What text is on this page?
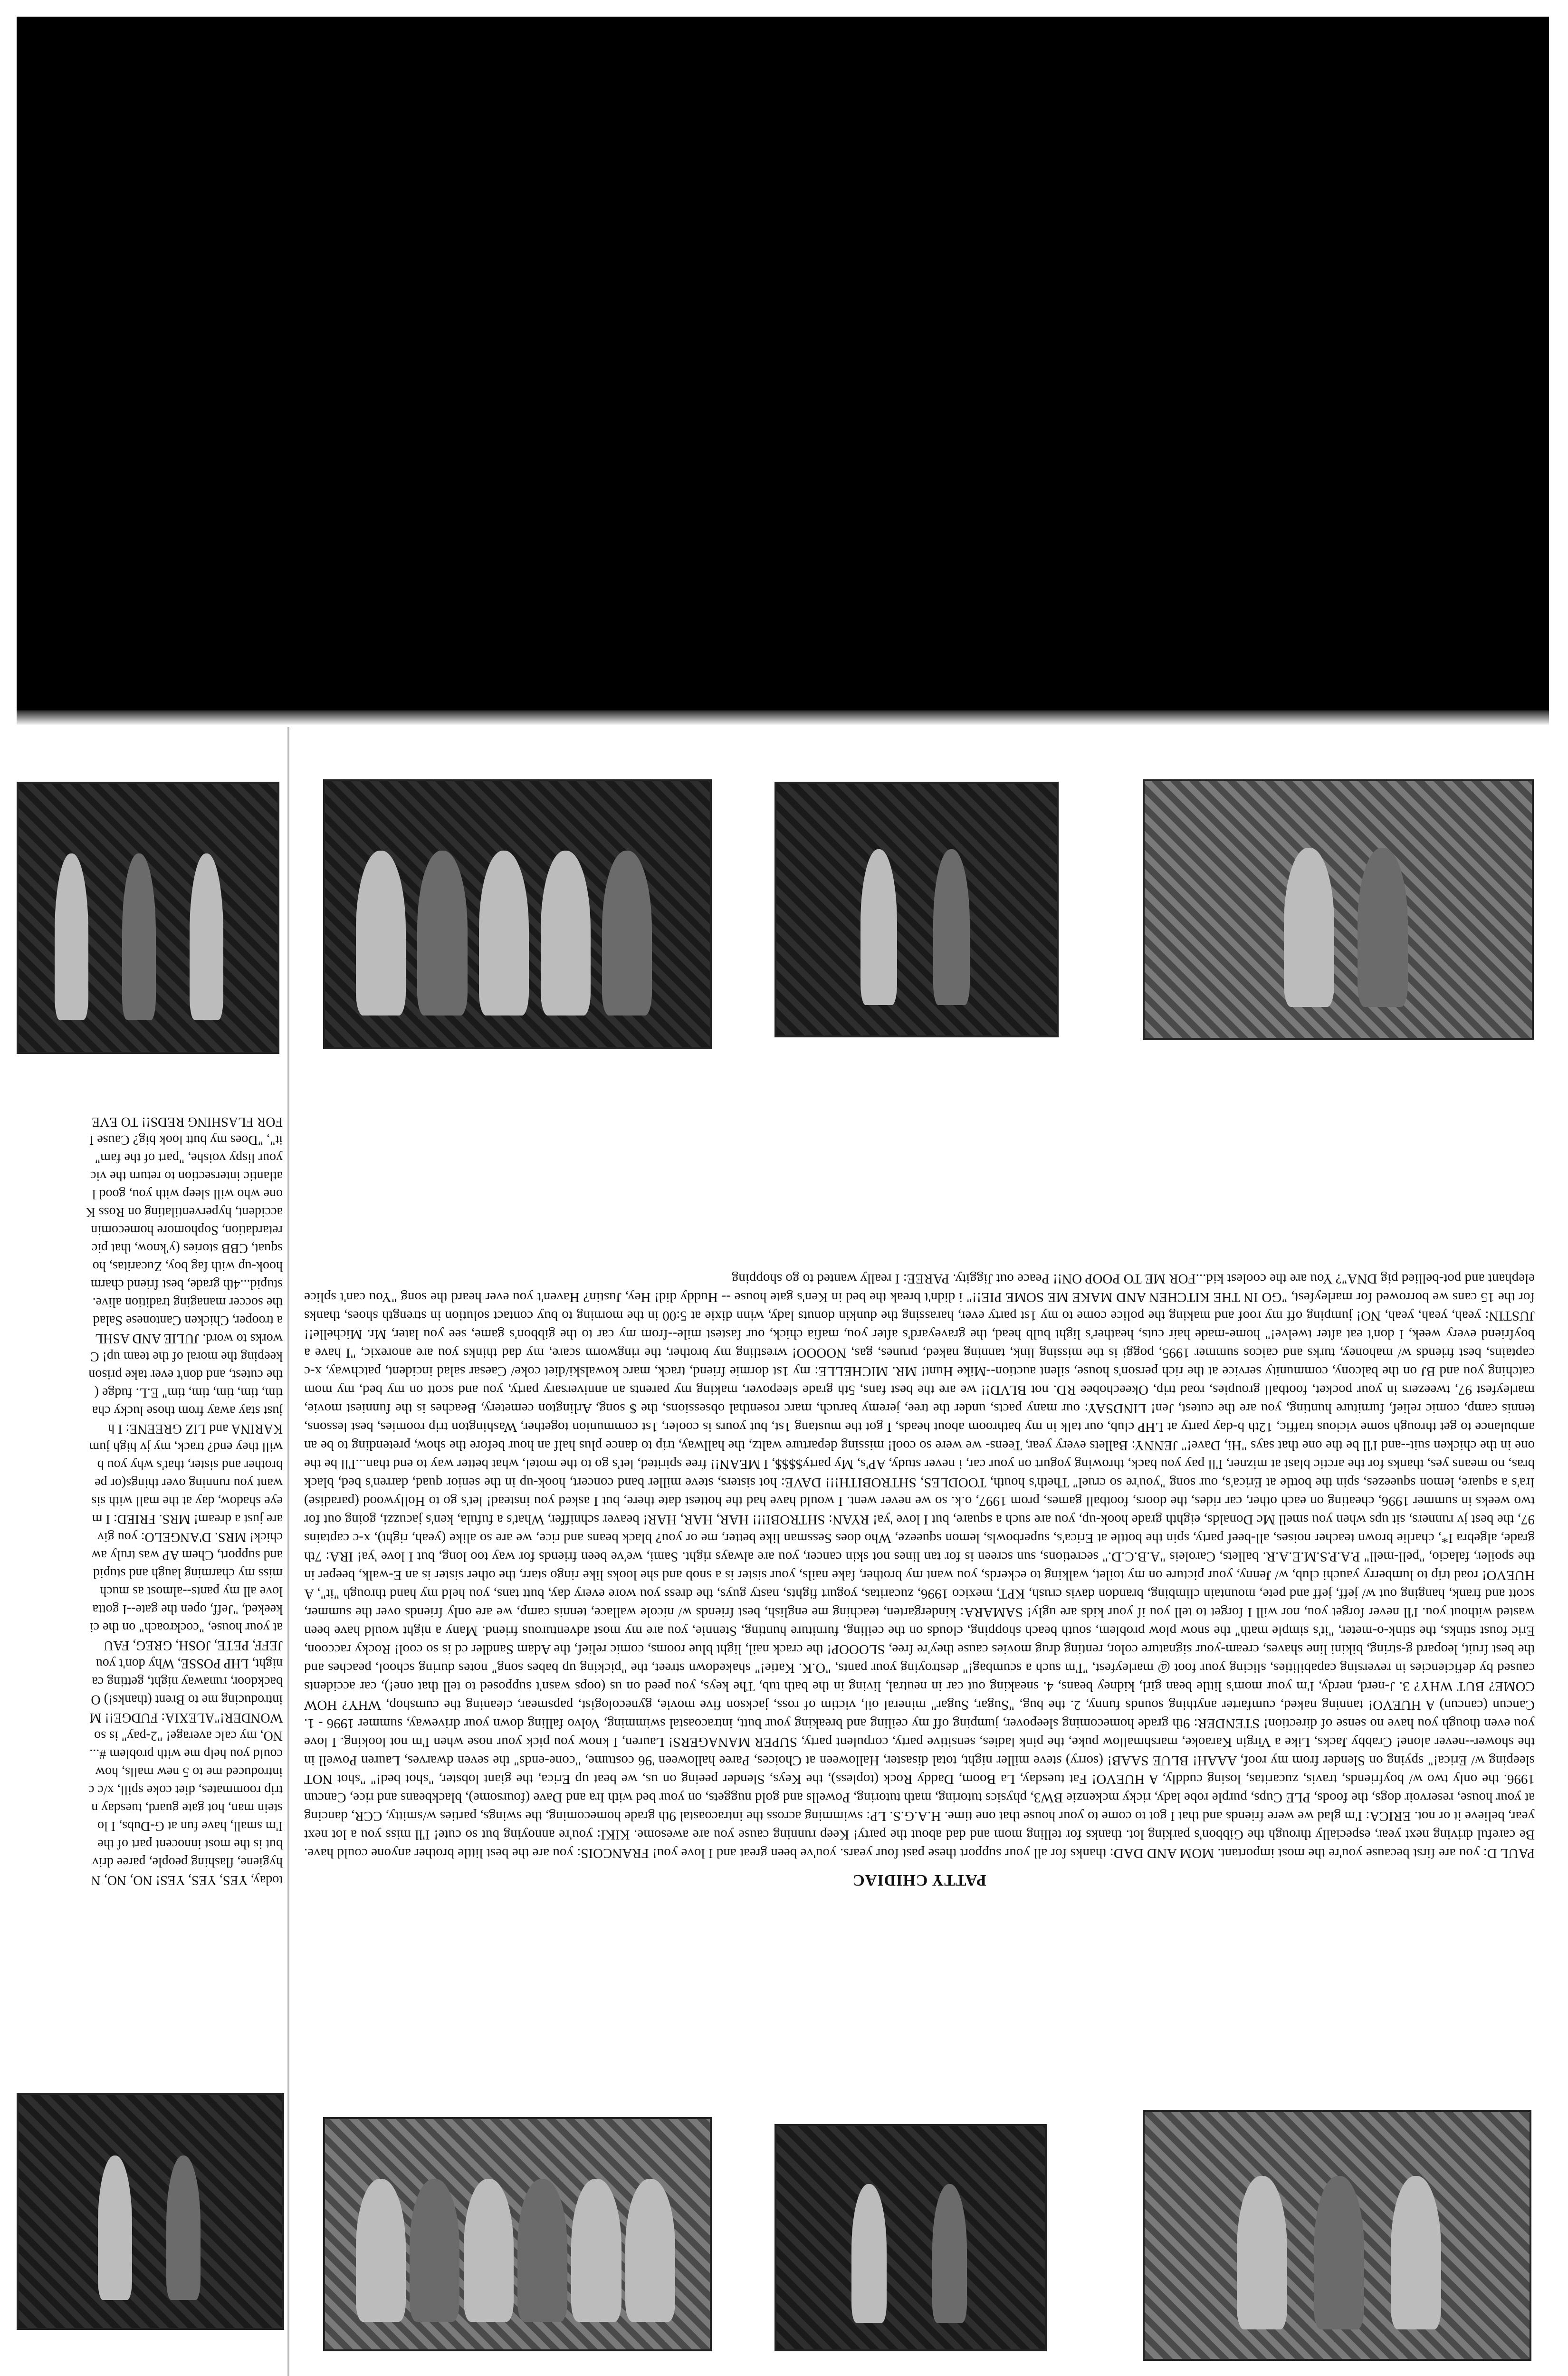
PATTY CHIDIAC
PAUL D: you are first because you're the most important. MOM AND DAD: thanks for all your support these past four years. you've been great and I love you! FRANCOIS: you are the best little brother anyone could have. Be careful driving next year, especially through the Gibbon's parking lot. thanks for telling mom and dad about the party! Keep running cause you are awesome. KIKI: you're annoying but so cute! I'll miss you a lot next year, believe it or not. ERICA: I'm glad we were friends and that I got to come to your house that one time. H.A.G.S. LP: swimming across the intracoastal 9th grade homecoming, the swings, parties w/smitty, CCR, dancing at your house, reservoir dogs, the foods, PLE Cups, purple robe lady, ricky mckenzie BW3, physics tutoring, math tutoring, Powells and gold nuggets, on your bed with Ira and Dave (foursome), blackbeans and rice, Cancun 1996. the only two w/ boyfriends, travis, zucaritas, losing cuddly, A HUEVO! Fat tuesday, La Boom, Daddy Rock (topless), the Keys, Slender peeing on us, we beat up Erica, the giant lobster, "shot bed!" "shot NOT sleeping w/ Erica!" spying on Slender from my roof, AAAH! BLUE SAAB! (sorry) steve miller night, total disaster, Halloween at Choices, Paree halloween '96 costume, "cone-ends" the seven dwarves, Lauren Powell in the shower--never alone! Crabby Jacks, Like a Virgin Karaoke, marshmallow puke, the pink ladies, sensitive party, corpulent party, SUPER MANAGERS! Lauren, I know you pick your nose when I'm not looking. I love you even though you have no sense of direction! STENDER: 9th grade homecoming sleepover, jumping off my ceiling and breaking your butt, intracoastal swimming, Volvo falling down your driveway, summer 1996 - 1. Cancun (cancun) A HUEVO! tanning naked, cumfarter anything sounds funny, 2. the bug, "Sugar, Sugar" mineral oil, victim of ross, jackson five movie, gynecologist, papsmear, cleaning the cumshop, WHY? HOW COME? BUT WHY? 3. J-nerd, nerdy, I'm your mom's little bean girl, kidney beans, 4. sneaking out car in neutral, living in the bath tub, The keys, you peed on us (oops wasn't supposed to tell that one!), car accidents caused by deficiencies in reversing capabilities, slicing your foot @ marleyfest, "I'm such a scumbag!" destroying your pants, "O.K. Katie!" shakedown street, the "picking up babes song" notes during school, peaches and the best fruit, leopard g-string, bikini line shaves, cream-your signature color, renting drug movies cause they're free, SLOOOP! the crack nail, light blue rooms, comic relief, the Adam Sandler cd is so cool! Rocky raccoon, Eric foust stinks, the stink-o-meter, "it's simple math" the snow plow problem, south beach shopping, clouds on the ceiling, furniture hunting, Stennie, you are my most adventurous friend. Many a night would have been wasted without you. I'll never forget you, nor will I forget to tell you if your kids are ugly! SAMARA: kindergarten, teaching me english, best friends w/ nicole wallace, tennis camp, we are only friends over the summer, scott and frank, hanging out w/ jeff, jeff and pete, mountain climbing, brandon davis crush, KPT, mexico 1996, zucaritas, yogurt fights, nasty guys, the dress you wore every day, butt tans, you held my hand through "it", A HUEVO! road trip to lumberry yauchi club, w/ Jenny, your picture on my toilet, walking to eckerds, you want my brother, fake nails, your sister is a snob and she looks like ringo starr, the other sister is an E-walk, beeper in the spoiler, falacio, "pell-mell" P.A.P.S.M.E.A.R. ballets, Caroleis "A.B.C.D." secretions, sun screen is for tan lines not skin cancer, you are always right. Sami, we've been friends for way too long, but I love 'ya! IRA: 7th grade, algebra I*, charlie brown teacher noises, all-beef party, spin the bottle at Erica's, superbowls, lemon squeeze, Who does Sessman like better, me or you? black beans and rice, we are so alike (yeah, right), x-c captains 97, the best jv runners, sit ups when you smell Mc Donalds, eighth grade hook-up, you are such a square, but I love 'ya! RYAN: SHTROBI!!! HAR, HAR, HAR! beaver schniffer, What's a fufula, ken's jacuzzi, going out for two weeks in summer 1996, cheating on each other, car rides, the doors, football games, prom 1997, o.k. so we never went. I would have had the hottest date there, but I asked you instead! let's go to Hollywood (paradise) Ira's a square, lemon squeezes, spin the bottle at Erica's, our song "you're so cruel" Theth's houth, TOODLES, SHTROBITH!!! DAVE: hot sisters, steve miller band concert, hook-up in the senior quad, darren's bed, black bras, no means yes, thanks for the arctic blast at mizner, I'll pay you back, throwing yogurt on your car, i never study, AP's, My party$$$$, I MEAN!! free spirited, let's go to the motel, what better way to end than...I'll be the one in the chicken suit--and I'll be the one that says "Hi, Dave!" JENNY: Ballets every year, Teens- we were so cool! missing departure waltz, the hallway, trip to dance plus half an hour before the show, pretending to be an ambulance to get through some vicious traffic, 12th b-day party at LHP club, our talk in my bathroom about heads, I got the mustang 1st, but yours is cooler, 1st communion together, Washington trip roomies, best lessons, tennis camp, comic relief, furniture hunting, you are the cutest, Jen! LINDSAY: our many pacts, under the tree, jeremy baruch, marc rosenthal obsessions, the $ song, Arlington cemetery, Beaches is the funniest movie, marleyfest 97, tweezers in your pocket, football groupies, road trip, Okeechobee RD. not BLVD!! we are the best fans, 5th grade sleepover, making my parents an anniversary party, you and scott on my bed, my mom catching you and BJ on the balcony, community service at the rich person's house, silent auction--Mike Hunt! MR. MICHELLE: my 1st dormie friend, track, marc kowalski/diet coke/ Caesar salad incident, patchway, x-c captains, best friends w/ mahoney, turks and caicos summer 1995, poggi is the missing link, tanning naked, prunes, gas, NOOOO! wrestling my brother, the ringworm scare, my dad thinks you are anorexic, "I have a boyfriend every week, I don't eat after twelve!" home-made hair cuts, heather's light bulb head, the graveyard's after you, mafia chick, our fastest mile--from my car to the gibbon's game, see you later, Mr. Michelle!! JUSTIN: yeah, yeah, yeah, NO! jumping off my roof and making the police come to my 1st party ever, harassing the dunkin donuts lady, winn dixie at 5:00 in the morning to buy contact solution in strength shoes, thanks for the 15 cans we borrowed for marleyfest, "GO IN THE KITCHEN AND MAKE ME SOME PIE!!" i didn't break the bed in Ken's gate house -- Huddy did! Hey, Justin? Haven't you ever heard the song "You can't splice elephant and pot-bellied pig DNA"? You are the coolest kid...FOR ME TO POOP ON!! Peace out Jiggity. PAREE: I really wanted to go shopping

today, YES, YES, YES! NO, NO, N

hygiene, flashing people, paree driv

but is the most innocent part of the

I'm small, have fun at G-Dubs, I lo

stein man, hot gate guard, tuesday n

trip roommates, diet coke spill, x/c c

introduced me to 5 new malls, how

could you help me with problem #...

NO, my calc average! "2-pay" is so

WONDER!"ALEXIA: FUDGE!! M

introducing me to Brent (thanks!) O

backdoor, runaway night, getting ca

night, LHP POSSE, Why don't you

JEFF, PETE, JOSH, GREG, FAU

at your house, "cockroach" on the ci

keeked, "Jeff, open the gate--I gotta

love all my pants--almost as much

miss my charming laugh and stupid

and support, Chem AP was truly aw

chick! MRS. D'ANGELO: you giv

are just a dream! MRS. FRIED: I m

eye shadow, day at the mall with sis

want you running over things(or pe

brother and sister, that's why you b

will they end? track, my jv high jum

KARINA and LIZ GREENE: I h

just stay away from those lucky cha

tim, tim, tim, tim, tim" E.L. fudge (

the cutest, and don't ever take prison

keeping the moral of the team up! C

works to word. JULIE AND ASHL

a trooper, Chicken Cantonese Salad

the soccer managing tradition alive.

stupid...4th grade, best friend charm

hook-up with fag boy, Zucaritas, ho

squat, CBB stories (y'know, that pic

retardation, Sophomore homecomin

accident, hyperventilating on Ross K

one who will sleep with you, good l

atlantic intersection to return the vic

your lispy voishe, "part of the fam"

it", "Does my butt look big? Cause I

FOR FLASHING REDS!! TO EVE
